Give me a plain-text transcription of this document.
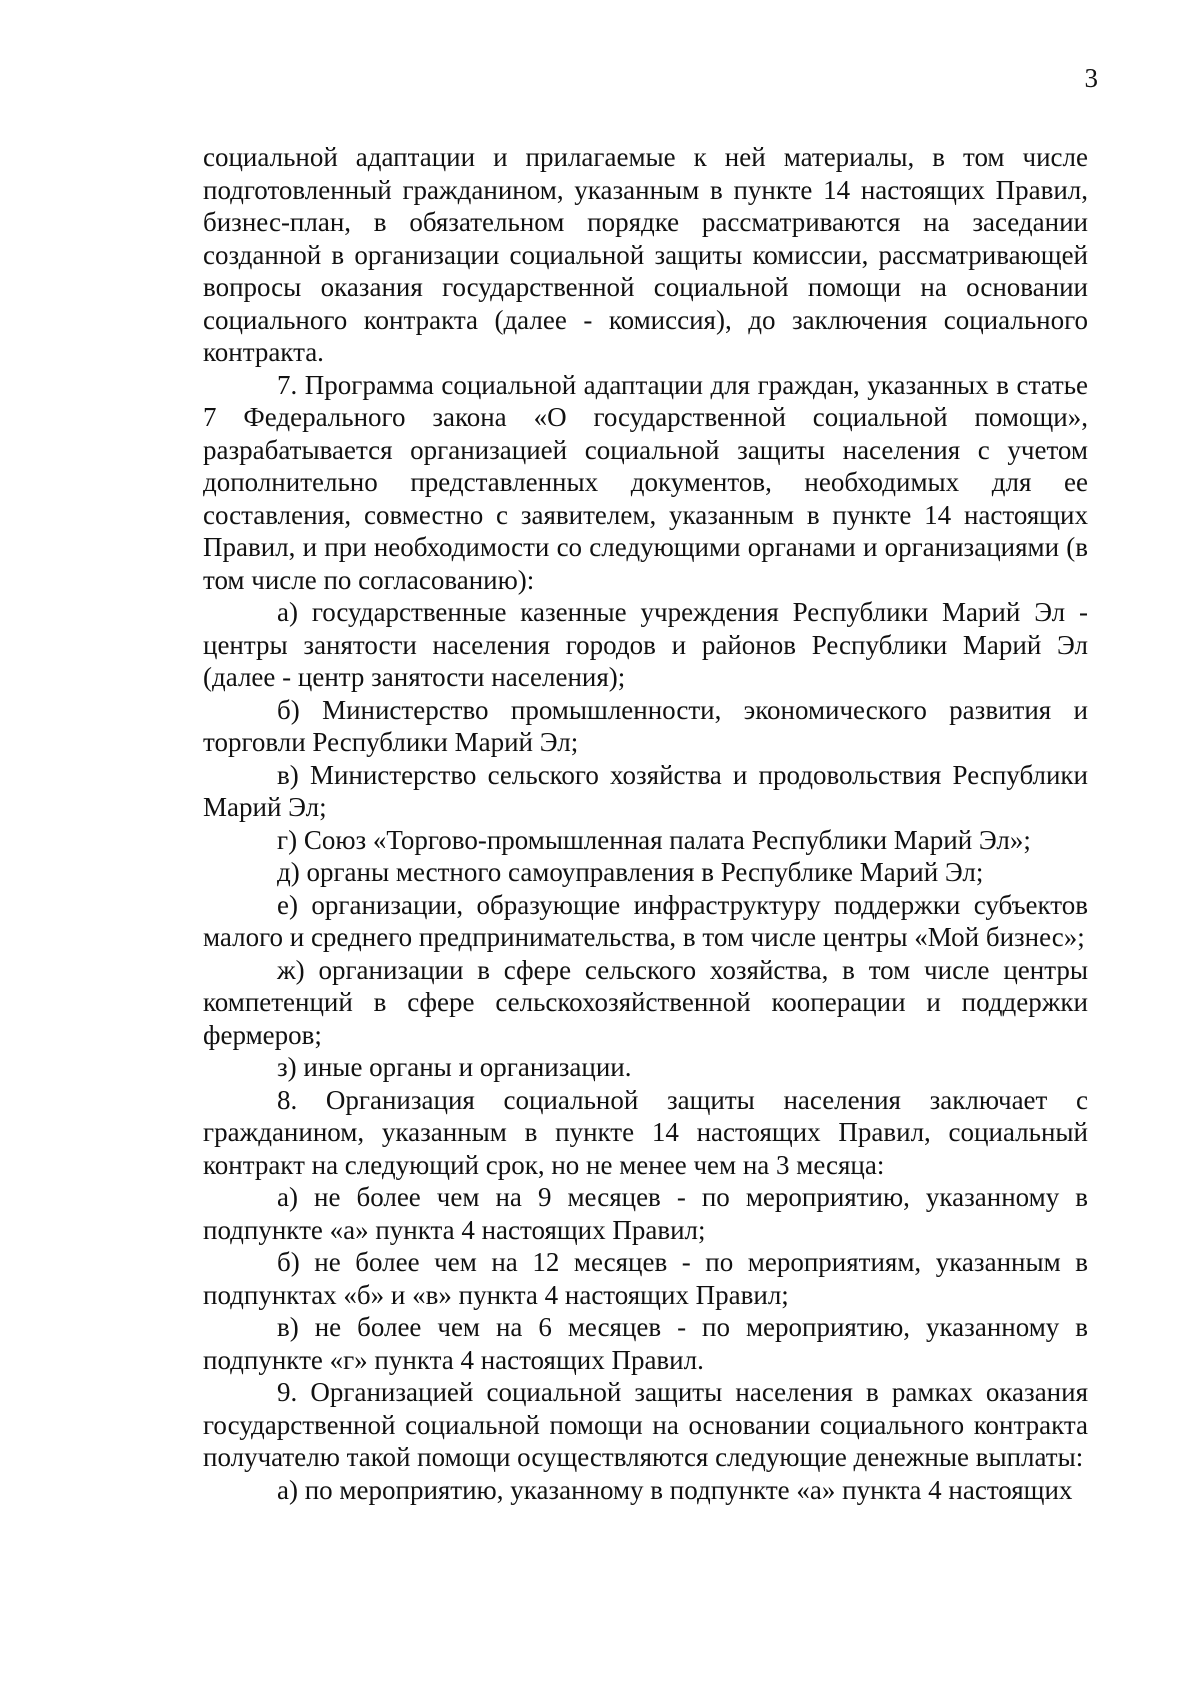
3

социальной адаптации и прилагаемые к ней материалы, в том числе подготовленный гражданином, указанным в пункте 14 настоящих Правил, бизнес-план, в обязательном порядке рассматриваются на заседании созданной в организации социальной защиты комиссии, рассматривающей вопросы оказания государственной социальной помощи на основании социального контракта (далее - комиссия), до заключения социального контракта.

7. Программа социальной адаптации для граждан, указанных в статье 7 Федерального закона «О государственной социальной помощи», разрабатывается организацией социальной защиты населения с учетом дополнительно представленных документов, необходимых для ее составления, совместно с заявителем, указанным в пункте 14 настоящих Правил, и при необходимости со следующими органами и организациями (в том числе по согласованию):

а) государственные казенные учреждения Республики Марий Эл - центры занятости населения городов и районов Республики Марий Эл (далее - центр занятости населения);

б) Министерство промышленности, экономического развития и торговли Республики Марий Эл;

в) Министерство сельского хозяйства и продовольствия Республики Марий Эл;

г) Союз «Торгово-промышленная палата Республики Марий Эл»;

д) органы местного самоуправления в Республике Марий Эл;

е) организации, образующие инфраструктуру поддержки субъектов малого и среднего предпринимательства, в том числе центры «Мой бизнес»;

ж) организации в сфере сельского хозяйства, в том числе центры компетенций в сфере сельскохозяйственной кооперации и поддержки фермеров;

з) иные органы и организации.

8. Организация социальной защиты населения заключает с гражданином, указанным в пункте 14 настоящих Правил, социальный контракт на следующий срок, но не менее чем на 3 месяца:

а) не более чем на 9 месяцев - по мероприятию, указанному в подпункте «а» пункта 4 настоящих Правил;

б) не более чем на 12 месяцев - по мероприятиям, указанным в подпунктах «б» и «в» пункта 4 настоящих Правил;

в) не более чем на 6 месяцев - по мероприятию, указанному в подпункте «г» пункта 4 настоящих Правил.

9. Организацией социальной защиты населения в рамках оказания государственной социальной помощи на основании социального контракта получателю такой помощи осуществляются следующие денежные выплаты:

а) по мероприятию, указанному в подпункте «а» пункта 4 настоящих
